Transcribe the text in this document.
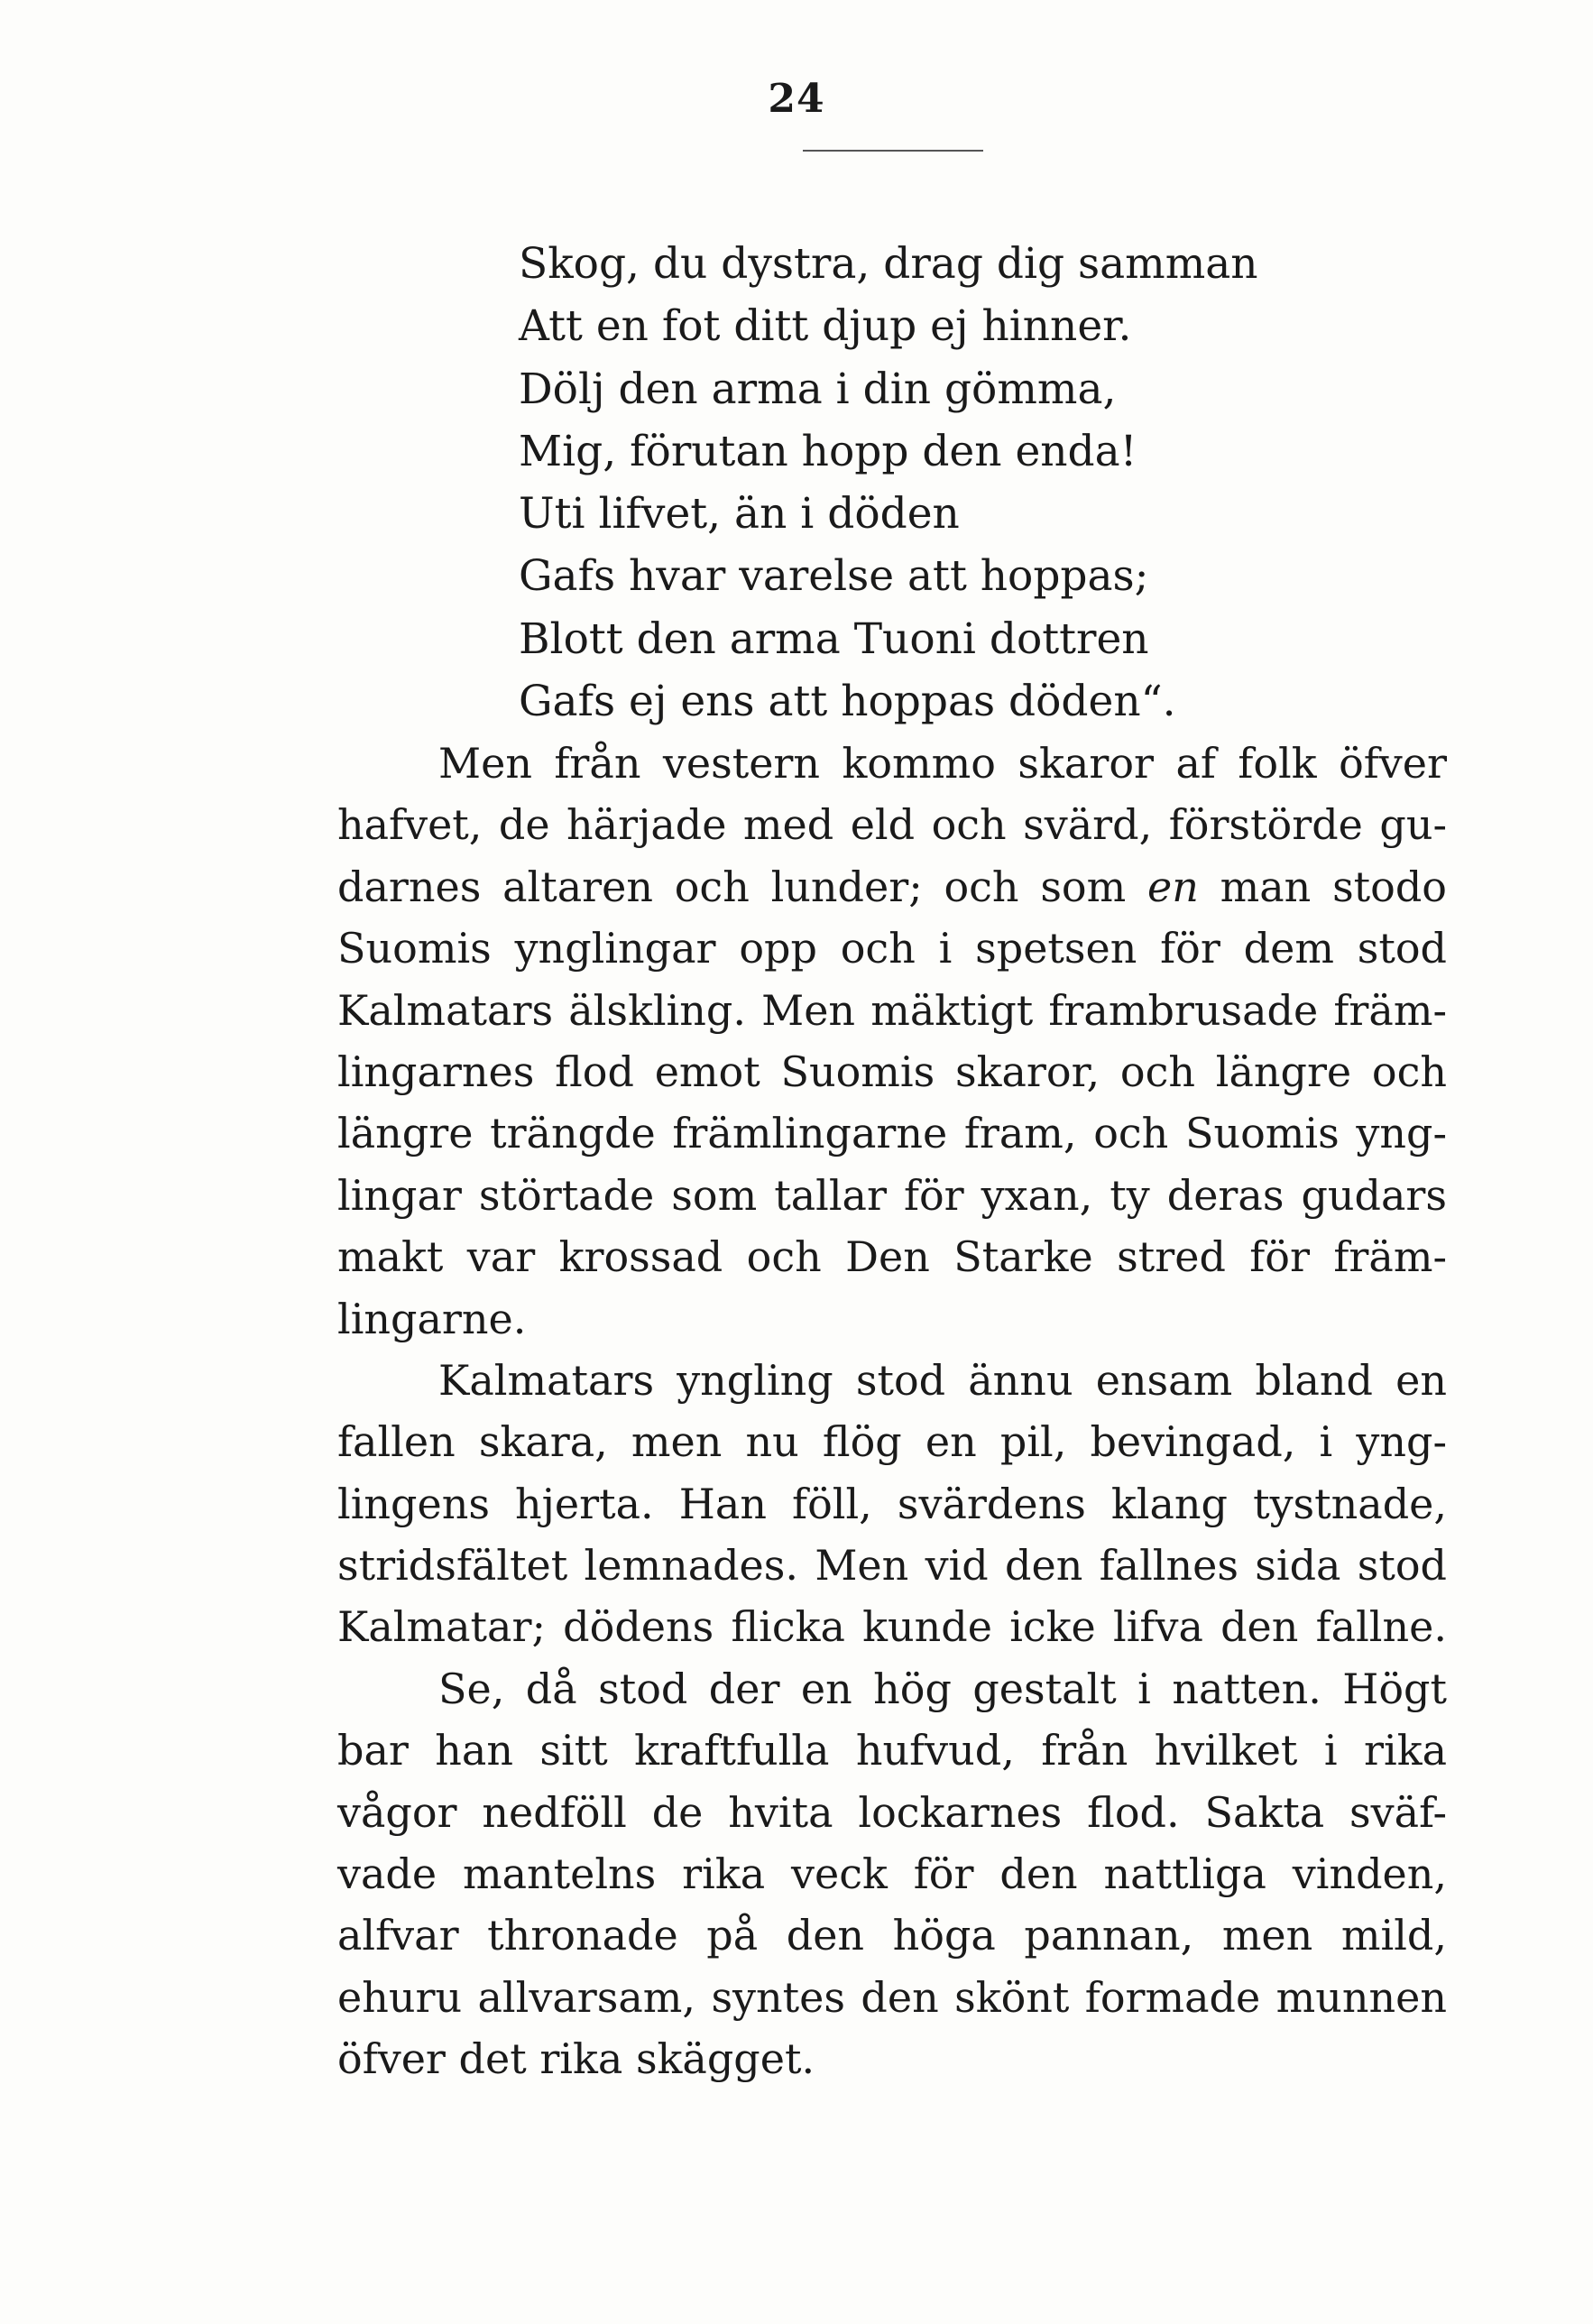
24
Skog, du dystra, drag dig samman
Att en fot ditt djup ej hinner.
Dölj den arma i din gömma,
Mig, förutan hopp den enda!
Uti lifvet, än i döden
Gafs hvar varelse att hoppas;
Blott den arma Tuoni dottren
Gafs ej ens att hoppas döden“.
Men från vestern kommo skaror af folk öfver
hafvet, de härjade med eld och svärd, förstörde gu-
darnes altaren och lunder; och som en man stodo
Suomis ynglingar opp och i spetsen för dem stod
Kalmatars älskling. Men mäktigt frambrusade främ-
lingarnes flod emot Suomis skaror, och längre och
längre trängde främlingarne fram, och Suomis yng-
lingar störtade som tallar för yxan, ty deras gudars
makt var krossad och Den Starke stred för främ-
lingarne.
Kalmatars yngling stod ännu ensam bland en
fallen skara, men nu flög en pil, bevingad, i yng-
lingens hjerta. Han föll, svärdens klang tystnade,
stridsfältet lemnades. Men vid den fallnes sida stod
Kalmatar; dödens flicka kunde icke lifva den fallne.
Se, då stod der en hög gestalt i natten. Högt
bar han sitt kraftfulla hufvud, från hvilket i rika
vågor nedföll de hvita lockarnes flod. Sakta sväf-
vade mantelns rika veck för den nattliga vinden,
alfvar thronade på den höga pannan, men mild,
ehuru allvarsam, syntes den skönt formade munnen
öfver det rika skägget.
